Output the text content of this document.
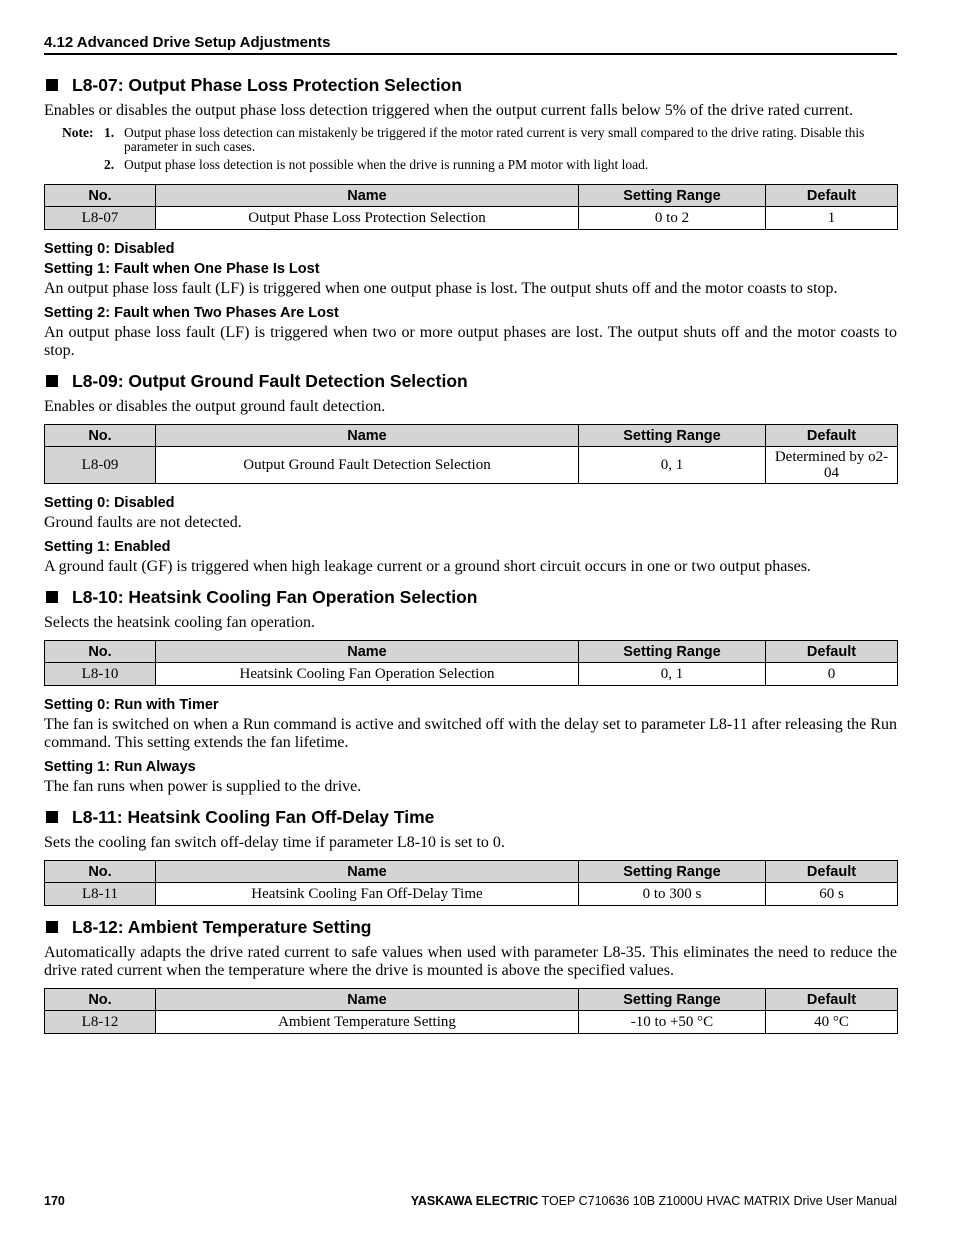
4.12 Advanced Drive Setup Adjustments
L8-07: Output Phase Loss Protection Selection

Enables or disables the output phase loss detection triggered when the output current falls below 5% of the drive rated current.

Note: 1. Output phase loss detection can mistakenly be triggered if the motor rated current is very small compared to the drive rating. Disable this parameter in such cases.
2. Output phase loss detection is not possible when the drive is running a PM motor with light load.
No.	Name	Setting Range	Default
L8-07	Output Phase Loss Protection Selection	0 to 2	1
Setting 0: Disabled
Setting 1: Fault when One Phase Is Lost

An output phase loss fault (LF) is triggered when one output phase is lost. The output shuts off and the motor coasts to stop.

Setting 2: Fault when Two Phases Are Lost

An output phase loss fault (LF) is triggered when two or more output phases are lost. The output shuts off and the motor coasts to stop.

L8-09: Output Ground Fault Detection Selection

Enables or disables the output ground fault detection.

No.	Name	Setting Range	Default
L8-09	Output Ground Fault Detection Selection	0, 1	Determined by o2-04
Setting 0: Disabled

Ground faults are not detected.

Setting 1: Enabled

A ground fault (GF) is triggered when high leakage current or a ground short circuit occurs in one or two output phases.

L8-10: Heatsink Cooling Fan Operation Selection

Selects the heatsink cooling fan operation.

No.	Name	Setting Range	Default
L8-10	Heatsink Cooling Fan Operation Selection	0, 1	0
Setting 0: Run with Timer

The fan is switched on when a Run command is active and switched off with the delay set to parameter L8-11 after releasing the Run command. This setting extends the fan lifetime.

Setting 1: Run Always

The fan runs when power is supplied to the drive.

L8-11: Heatsink Cooling Fan Off-Delay Time

Sets the cooling fan switch off-delay time if parameter L8-10 is set to 0.

No.	Name	Setting Range	Default
L8-11	Heatsink Cooling Fan Off-Delay Time	0 to 300 s	60 s
L8-12: Ambient Temperature Setting

Automatically adapts the drive rated current to safe values when used with parameter L8-35. This eliminates the need to reduce the drive rated current when the temperature where the drive is mounted is above the specified values.

No.	Name	Setting Range	Default
L8-12	Ambient Temperature Setting	-10 to +50 °C	40 °C
170	YASKAWA ELECTRIC TOEP C710636 10B Z1000U HVAC MATRIX Drive User Manual
